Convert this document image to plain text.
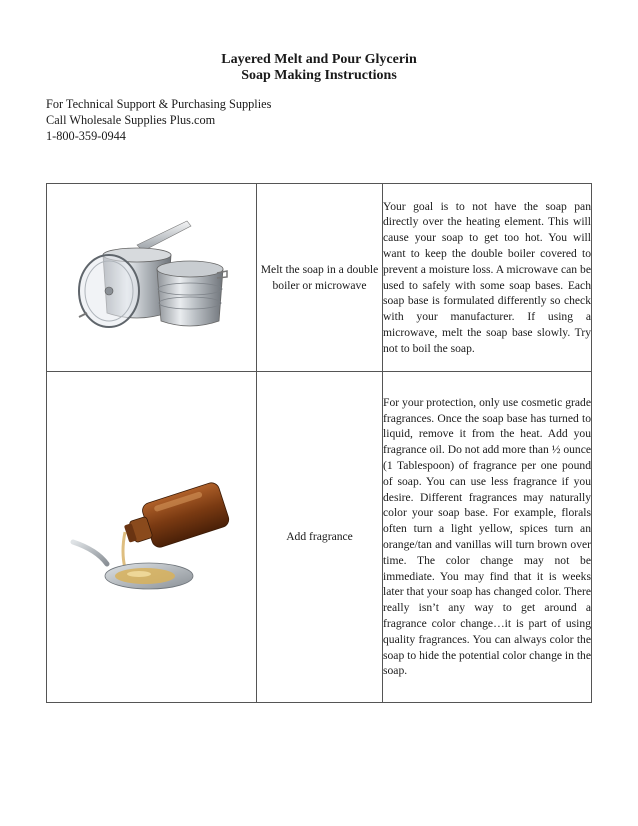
Layered Melt and Pour Glycerin
Soap Making Instructions
For Technical Support & Purchasing Supplies
Call Wholesale Supplies Plus.com
1-800-359-0944
	Melt the soap in a double boiler or microwave	Your goal is to not have the soap pan directly over the heating element. This will cause your soap to get too hot. You will want to keep the double boiler covered to prevent a moisture loss. A microwave can be used to safely with some soap bases. Each soap base is formulated differently so check with your manufacturer. If using a microwave, melt the soap base slowly. Try not to boil the soap.

	Add fragrance	For your protection, only use cosmetic grade fragrances. Once the soap base has turned to liquid, remove it from the heat. Add you fragrance oil. Do not add more than ½ ounce (1 Tablespoon) of fragrance per one pound of soap. You can use less fragrance if you desire. Different fragrances may naturally color your soap base. For example, florals often turn a light yellow, spices turn an orange/tan and vanillas will turn brown over time. The color change may not be immediate. You may find that it is weeks later that your soap has changed color. There really isn’t any way to get around a fragrance color change…it is part of using quality fragrances. You can always color the soap to hide the potential color change in the soap.
